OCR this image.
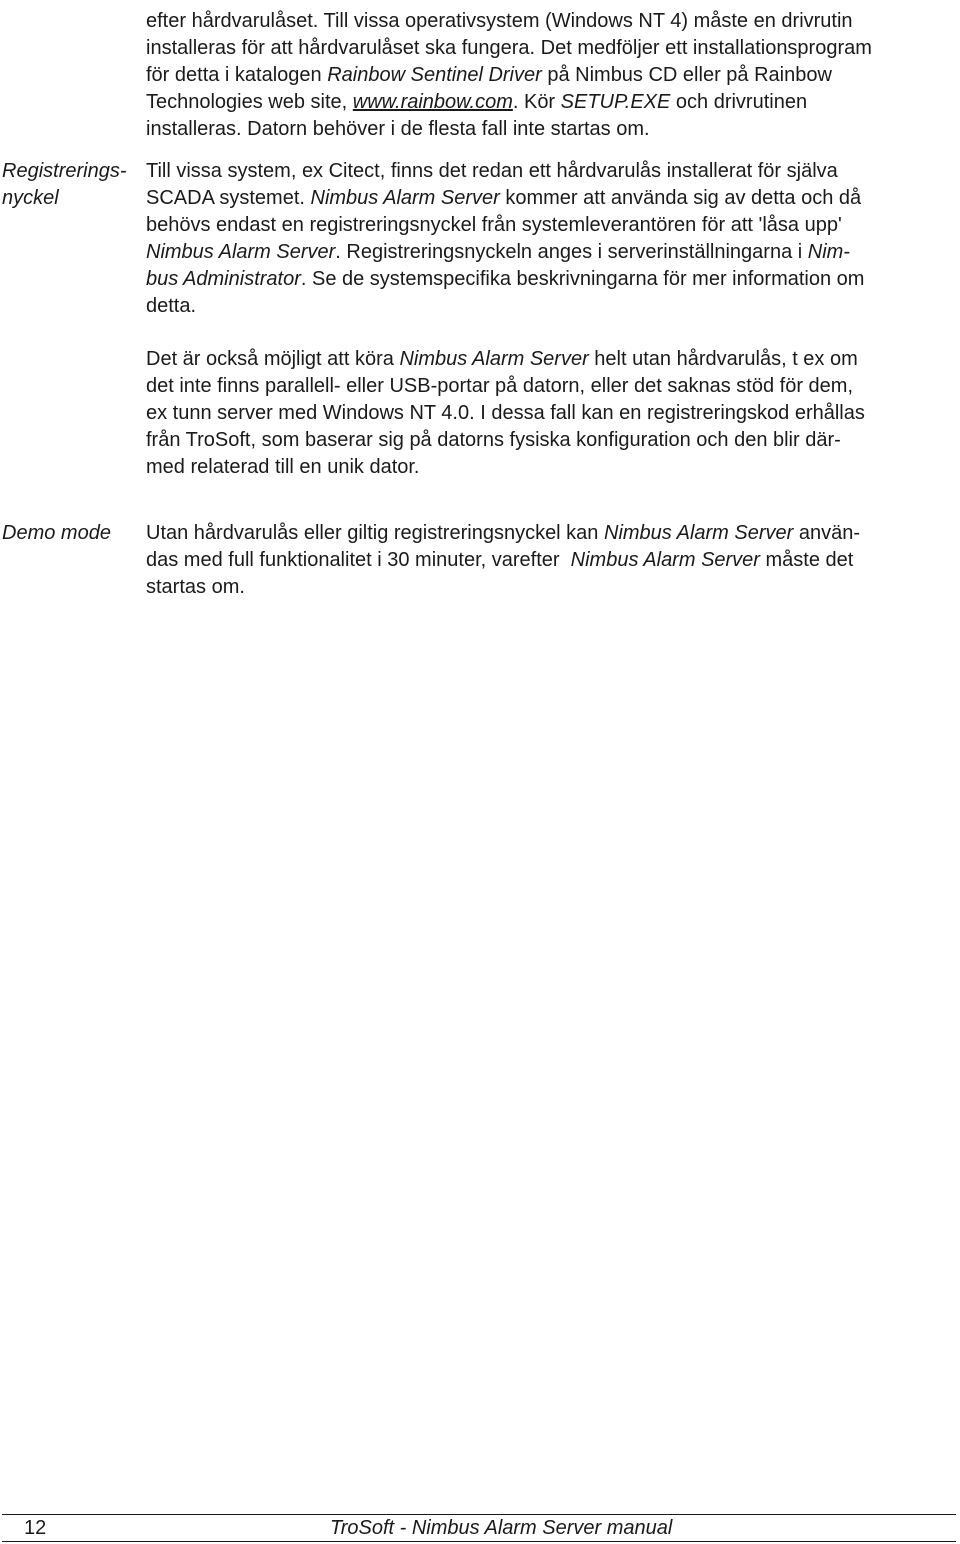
efter hårdvarulåset. Till vissa operativsystem (Windows NT 4) måste en drivrutin
installeras för att hårdvarulåset ska fungera. Det medföljer ett installationsprogram
för detta i katalogen Rainbow Sentinel Driver på Nimbus CD eller på Rainbow
Technologies web site, www.rainbow.com. Kör SETUP.EXE och drivrutinen
installeras. Datorn behöver i de flesta fall inte startas om.
Registrerings-
nyckel
Till vissa system, ex Citect, finns det redan ett hårdvarulås installerat för själva
SCADA systemet. Nimbus Alarm Server kommer att använda sig av detta och då
behövs endast en registreringsnyckel från systemleverantören för att 'låsa upp'
Nimbus Alarm Server. Registreringsnyckeln anges i serverinställningarna i Nim-
bus Administrator. Se de systemspecifika beskrivningarna för mer information om
detta.
Det är också möjligt att köra Nimbus Alarm Server helt utan hårdvarulås, t ex om
det inte finns parallell- eller USB-portar på datorn, eller det saknas stöd för dem,
ex tunn server med Windows NT 4.0. I dessa fall kan en registreringskod erhållas
från TroSoft, som baserar sig på datorns fysiska konfiguration och den blir där-
med relaterad till en unik dator.
Demo mode Utan hårdvarulås eller giltig registreringsnyckel kan Nimbus Alarm Server använ-
das med full funktionalitet i 30 minuter, varefter  Nimbus Alarm Server måste det
startas om.
12	TroSoft - Nimbus Alarm Server manual
